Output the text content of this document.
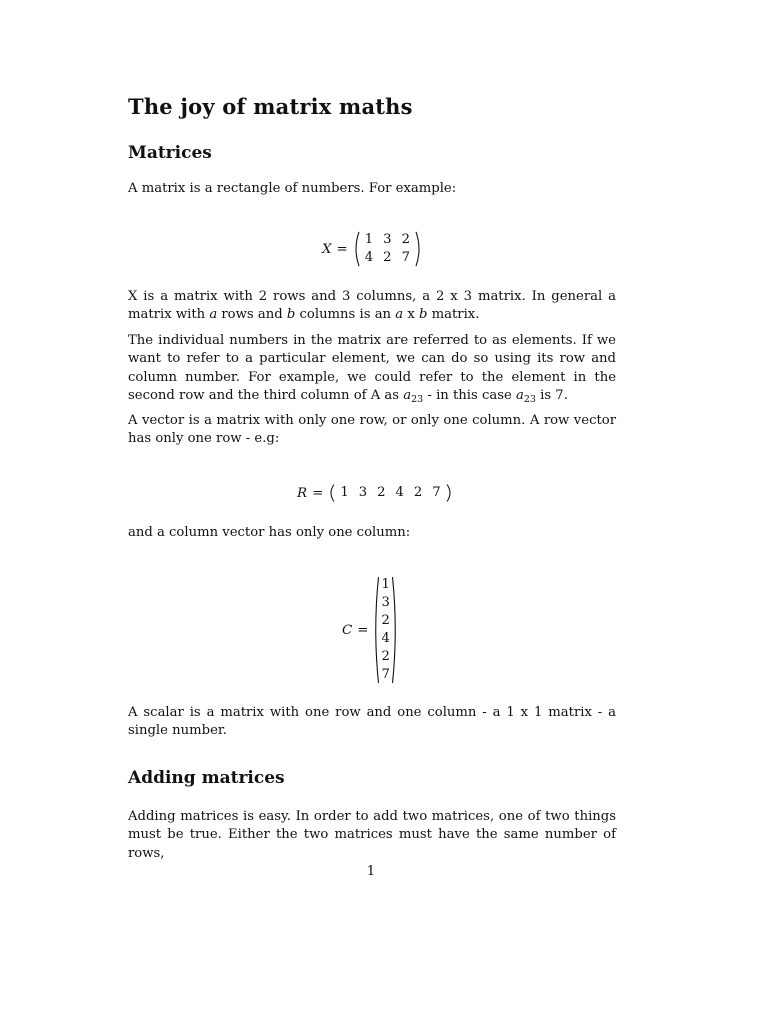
The joy of matrix maths
Matrices

A matrix is a rectangle of numbers. For example:

X =
1	3	2
4	2	7

X is a matrix with 2 rows and 3 columns, a 2 x 3 matrix. In general a matrix with a rows and b columns is an a x b matrix.

The individual numbers in the matrix are referred to as elements. If we want to refer to a particular element, we can do so using its row and column number. For example, we could refer to the element in the second row and the third column of A as $a_{23}$ - in this case $a_{23}$ is 7.

A vector is a matrix with only one row, or only one column. A row vector has only one row - e.g:

R = 1	3	2	4	2	7

and a column vector has only one column:

C =
1
3
2
4
2
7

A scalar is a matrix with one row and one column - a 1 x 1 matrix - a single number.

Adding matrices

Adding matrices is easy. In order to add two matrices, one of two things must be true. Either the two matrices must have the same number of rows,

1
